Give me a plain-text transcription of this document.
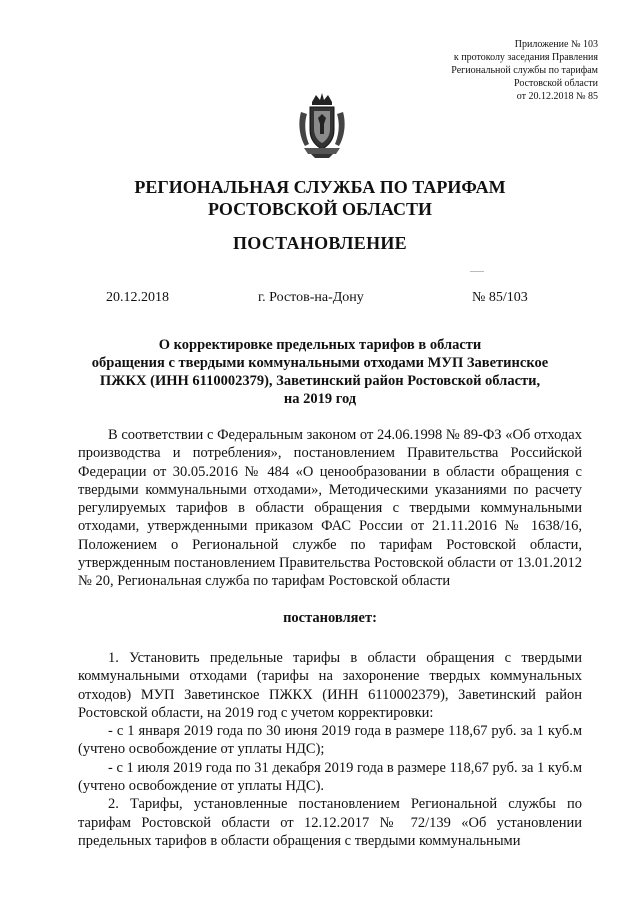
Приложение № 103
к протоколу заседания Правления
Региональной службы по тарифам
Ростовской области
от 20.12.2018 № 85
РЕГИОНАЛЬНАЯ СЛУЖБА ПО ТАРИФАМ
РОСТОВСКОЙ ОБЛАСТИ
ПОСТАНОВЛЕНИЕ
20.12.2018	г. Ростов-на-Дону	№ 85/103
О корректировке предельных тарифов в области
обращения с твердыми коммунальными отходами МУП Заветинское
ПЖКХ (ИНН 6110002379), Заветинский район Ростовской области,
на 2019 год

В соответствии с Федеральным законом от 24.06.1998 № 89-ФЗ «Об отходах производства и потребления», постановлением Правительства Российской Федерации от 30.05.2016 № 484 «О ценообразовании в области обращения с твердыми коммунальными отходами», Методическими указаниями по расчету регулируемых тарифов в области обращения с твердыми коммунальными отходами, утвержденными приказом ФАС России от 21.11.2016 № 1638/16, Положением о Региональной службе по тарифам Ростовской области, утвержденным постановлением Правительства Ростовской области от 13.01.2012 № 20, Региональная служба по тарифам Ростовской области

постановляет:

1. Установить предельные тарифы в области обращения с твердыми коммунальными отходами (тарифы на захоронение твердых коммунальных отходов) МУП Заветинское ПЖКХ (ИНН 6110002379), Заветинский район Ростовской области, на 2019 год с учетом корректировки:

- с 1 января 2019 года по 30 июня 2019 года в размере 118,67 руб. за 1 куб.м (учтено освобождение от уплаты НДС);

- с 1 июля 2019 года по 31 декабря 2019 года в размере 118,67 руб. за 1 куб.м (учтено освобождение от уплаты НДС).

2. Тарифы, установленные постановлением Региональной службы по тарифам Ростовской области от 12.12.2017 № 72/139 «Об установлении предельных тарифов в области обращения с твердыми коммунальными
